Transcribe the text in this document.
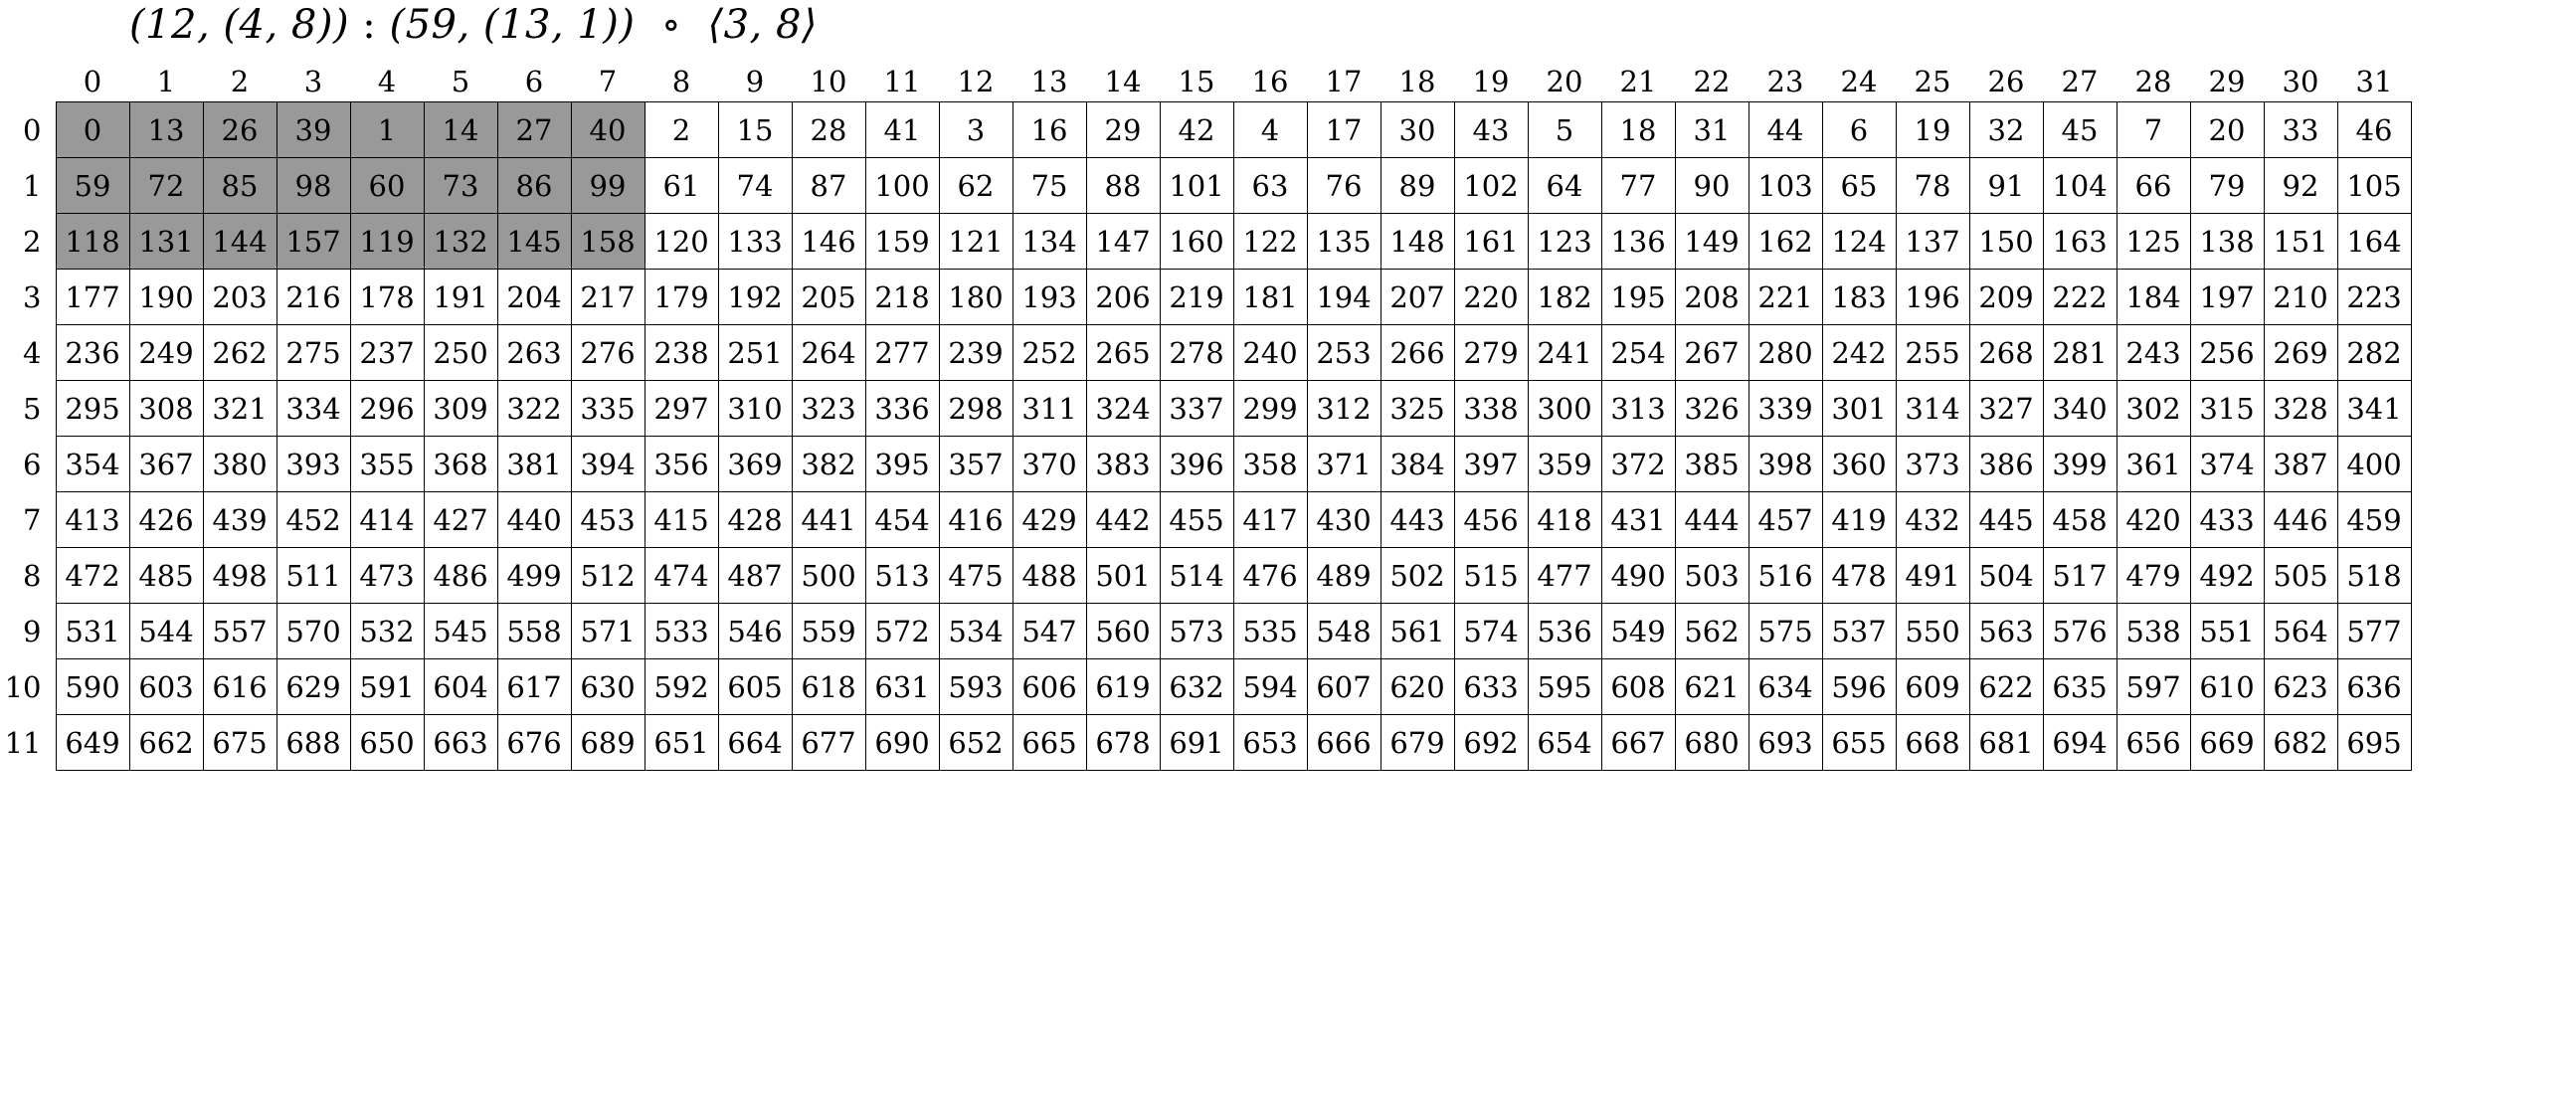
(12, (4, 8)) : (59, (13, 1))  ∘  ⟨3, 8⟩
	0	1	2	3	4	5	6	7	8	9	10	11	12	13	14	15	16	17	18	19	20	21	22	23	24	25	26	27	28	29	30	31
0	0	13	26	39	1	14	27	40	2	15	28	41	3	16	29	42	4	17	30	43	5	18	31	44	6	19	32	45	7	20	33	46
1	59	72	85	98	60	73	86	99	61	74	87	100	62	75	88	101	63	76	89	102	64	77	90	103	65	78	91	104	66	79	92	105
2	118	131	144	157	119	132	145	158	120	133	146	159	121	134	147	160	122	135	148	161	123	136	149	162	124	137	150	163	125	138	151	164
3	177	190	203	216	178	191	204	217	179	192	205	218	180	193	206	219	181	194	207	220	182	195	208	221	183	196	209	222	184	197	210	223
4	236	249	262	275	237	250	263	276	238	251	264	277	239	252	265	278	240	253	266	279	241	254	267	280	242	255	268	281	243	256	269	282
5	295	308	321	334	296	309	322	335	297	310	323	336	298	311	324	337	299	312	325	338	300	313	326	339	301	314	327	340	302	315	328	341
6	354	367	380	393	355	368	381	394	356	369	382	395	357	370	383	396	358	371	384	397	359	372	385	398	360	373	386	399	361	374	387	400
7	413	426	439	452	414	427	440	453	415	428	441	454	416	429	442	455	417	430	443	456	418	431	444	457	419	432	445	458	420	433	446	459
8	472	485	498	511	473	486	499	512	474	487	500	513	475	488	501	514	476	489	502	515	477	490	503	516	478	491	504	517	479	492	505	518
9	531	544	557	570	532	545	558	571	533	546	559	572	534	547	560	573	535	548	561	574	536	549	562	575	537	550	563	576	538	551	564	577
10	590	603	616	629	591	604	617	630	592	605	618	631	593	606	619	632	594	607	620	633	595	608	621	634	596	609	622	635	597	610	623	636
11	649	662	675	688	650	663	676	689	651	664	677	690	652	665	678	691	653	666	679	692	654	667	680	693	655	668	681	694	656	669	682	695
